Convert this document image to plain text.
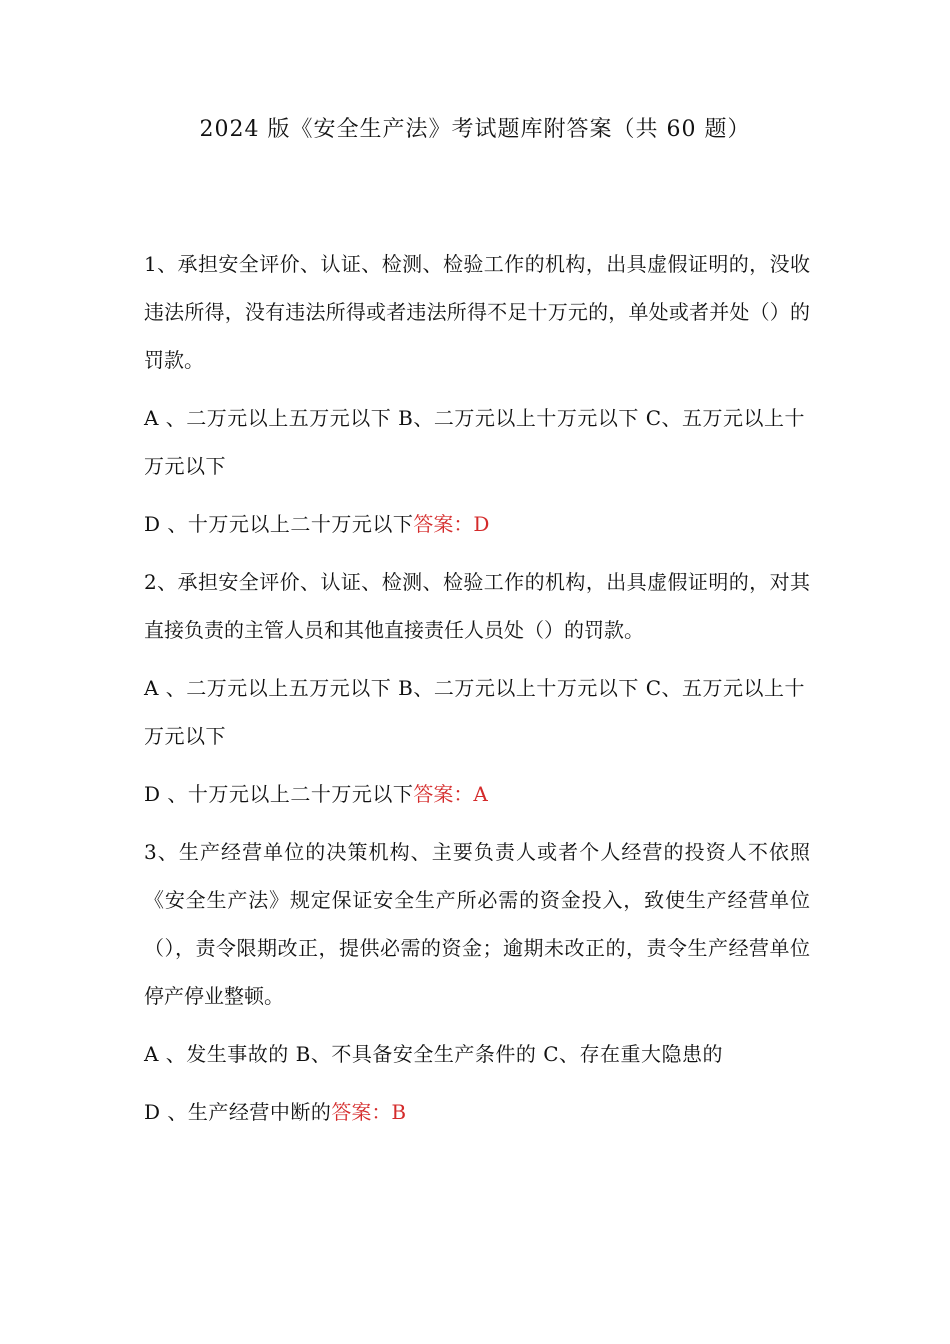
2024 版《安全生产法》考试题库附答案（共 60 题）

1、承担安全评价、认证、检测、检验工作的机构，出具虚假证明的，没收违法所得，没有违法所得或者违法所得不足十万元的，单处或者并处（）的罚款。

A 、二万元以上五万元以下 B、二万元以上十万元以下 C、五万元以上十万元以下

D 、十万元以上二十万元以下答案：D

2、承担安全评价、认证、检测、检验工作的机构，出具虚假证明的，对其直接负责的主管人员和其他直接责任人员处（）的罚款。

A 、二万元以上五万元以下 B、二万元以上十万元以下 C、五万元以上十万元以下

D 、十万元以上二十万元以下答案：A

3、生产经营单位的决策机构、主要负责人或者个人经营的投资人不依照《安全生产法》规定保证安全生产所必需的资金投入，致使生产经营单位（），责令限期改正，提供必需的资金；逾期未改正的，责令生产经营单位停产停业整顿。

A 、发生事故的 B、不具备安全生产条件的 C、存在重大隐患的

D 、生产经营中断的答案：B
